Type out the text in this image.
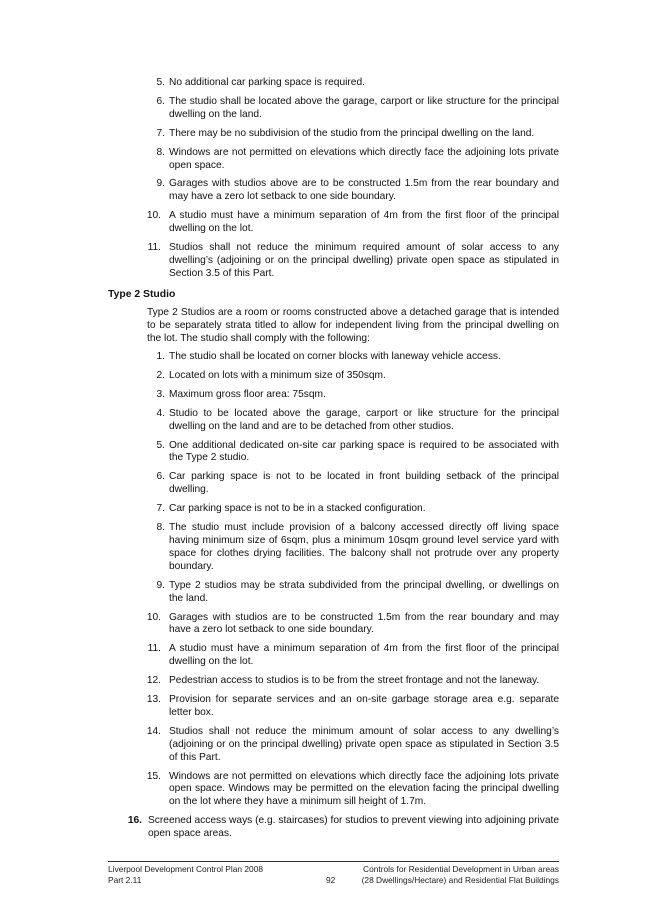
5. No additional car parking space is required.
6. The studio shall be located above the garage, carport or like structure for the principal dwelling on the land.
7. There may be no subdivision of the studio from the principal dwelling on the land.
8. Windows are not permitted on elevations which directly face the adjoining lots private open space.
9. Garages with studios above are to be constructed 1.5m from the rear boundary and may have a zero lot setback to one side boundary.
10. A studio must have a minimum separation of 4m from the first floor of the principal dwelling on the lot.
11. Studios shall not reduce the minimum required amount of solar access to any dwelling’s (adjoining or on the principal dwelling) private open space as stipulated in Section 3.5 of this Part.
Type 2 Studio
Type 2 Studios are a room or rooms constructed above a detached garage that is intended to be separately strata titled to allow for independent living from the principal dwelling on the lot. The studio shall comply with the following:
1. The studio shall be located on corner blocks with laneway vehicle access.
2. Located on lots with a minimum size of 350sqm.
3. Maximum gross floor area: 75sqm.
4. Studio to be located above the garage, carport or like structure for the principal dwelling on the land and are to be detached from other studios.
5. One additional dedicated on-site car parking space is required to be associated with the Type 2 studio.
6. Car parking space is not to be located in front building setback of the principal dwelling.
7. Car parking space is not to be in a stacked configuration.
8. The studio must include provision of a balcony accessed directly off living space having minimum size of 6sqm, plus a minimum 10sqm ground level service yard with space for clothes drying facilities. The balcony shall not protrude over any property boundary.
9. Type 2 studios may be strata subdivided from the principal dwelling, or dwellings on the land.
10. Garages with studios are to be constructed 1.5m from the rear boundary and may have a zero lot setback to one side boundary.
11. A studio must have a minimum separation of 4m from the first floor of the principal dwelling on the lot.
12. Pedestrian access to studios is to be from the street frontage and not the laneway.
13. Provision for separate services and an on-site garbage storage area e.g. separate letter box.
14. Studios shall not reduce the minimum amount of solar access to any dwelling’s (adjoining or on the principal dwelling) private open space as stipulated in Section 3.5 of this Part.
15. Windows are not permitted on elevations which directly face the adjoining lots private open space. Windows may be permitted on the elevation facing the principal dwelling on the lot where they have a minimum sill height of 1.7m.
16. Screened access ways (e.g. staircases) for studios to prevent viewing into adjoining private open space areas.
Liverpool Development Control Plan 2008
Part 2.11	92
Controls for Residential Development in Urban areas
(28 Dwellings/Hectare) and Residential Flat Buildings
